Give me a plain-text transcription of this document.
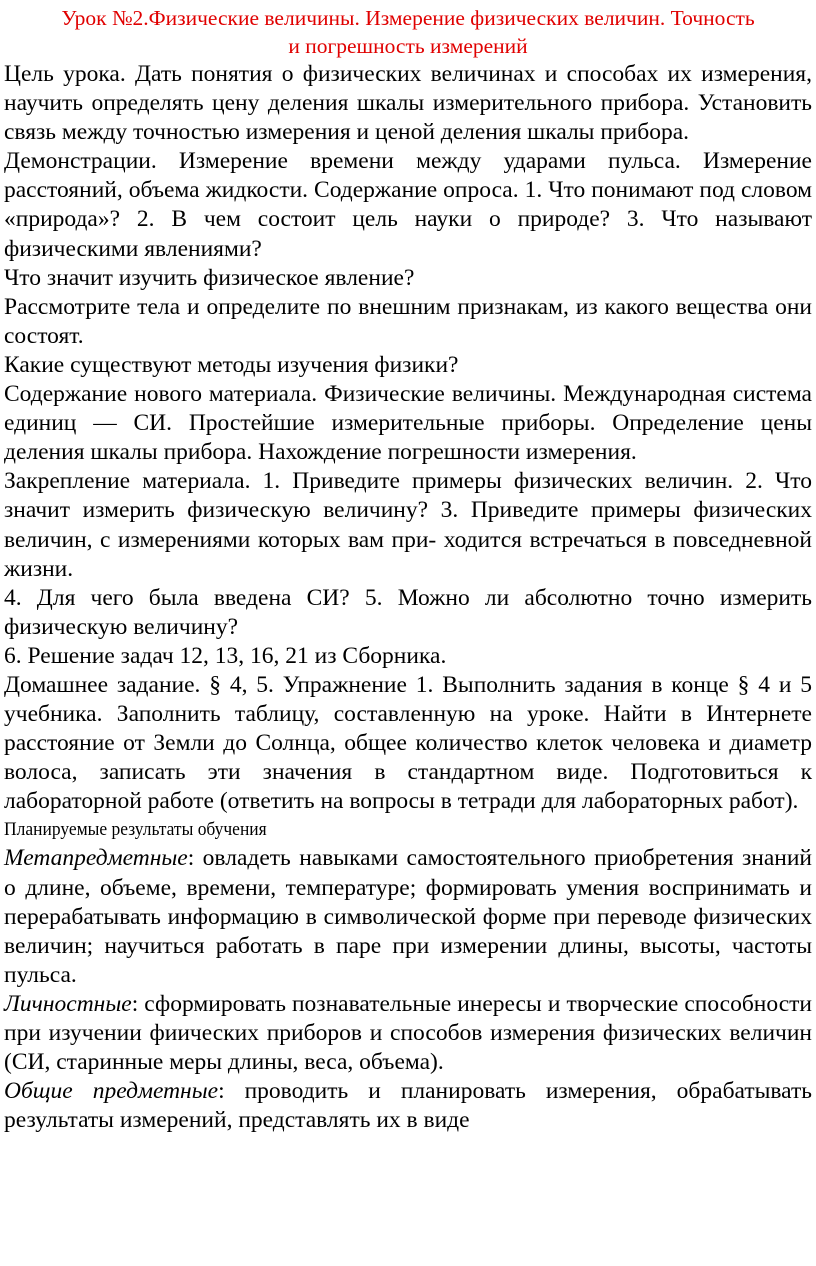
Урок №2.Физические величины. Измерение физических величин. Точность
и погрешность измерений

Цель урока. Дать понятия о физических величинах и способах их измерения, научить определять цену деления шкалы измерительного прибора. Установить связь между точностью измерения и ценой деления шкалы прибора.

Демонстрации. Измерение времени между ударами пульса. Измерение расстояний, объема жидкости. Содержание опроса. 1. Что понимают под словом

«природа»? 2. В чем состоит цель науки о природе? 3. Что называют физическими явлениями?

Что значит изучить физическое явление?

Рассмотрите тела и определите по внешним признакам, из какого вещества они состоят.

Какие существуют методы изучения физики?

Содержание нового материала. Физические величины. Международная система единиц — СИ. Простейшие измерительные приборы. Определение цены деления шкалы прибора. Нахождение погрешности измерения.

Закрепление материала. 1. Приведите примеры физических величин. 2. Что значит измерить физическую величину? 3. Приведите примеры физических величин, с измерениями которых вам при- ходится встречаться в повседневной жизни.

4. Для чего была введена СИ? 5. Можно ли абсолютно точно измерить физическую величину?

6. Решение задач 12, 13, 16, 21 из Сборника.

Домашнее задание. § 4, 5. Упражнение 1. Выполнить задания в конце § 4 и 5 учебника. Заполнить таблицу, составленную на уроке. Найти в Интернете расстояние от Земли до Солнца, общее количество клеток человека и диаметр волоса, записать эти значения в стандартном виде. Подготовиться к лабораторной работе (ответить на вопросы в тетради для лабораторных работ).

Планируемые результаты обучения

Метапредметные: овладеть навыками самостоятельного приобретения знаний о длине, объеме, времени, температуре; формировать умения воспринимать и перерабатывать информацию в символической форме при переводе физических величин; научиться работать в паре при измерении длины, высоты, частоты пульса.

Личностные: сформировать познавательные инересы и творческие способности при изучении фиических приборов и способов измерения физических величин (СИ, старинные меры длины, веса, объема).

Общие предметные: проводить и планировать измерения, обрабатывать результаты измерений, представлять их в виде
